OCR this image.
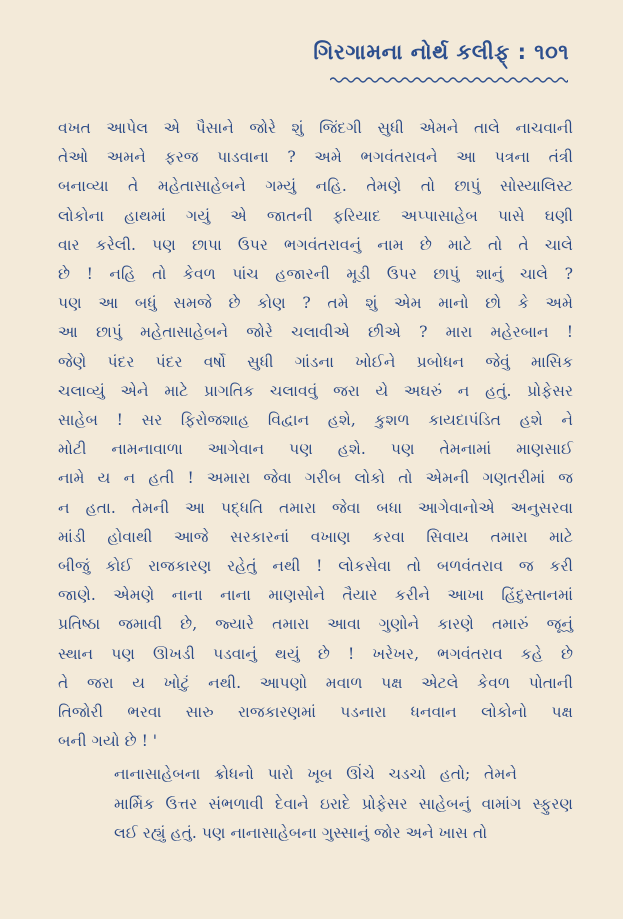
ગિરગામના નોર્થ કલીફ્ : ૧૦૧

વખત આપેલ એ પૈસાને જોરે શું જિંદગી સુધી એમને તાલે નાચવાની
તેઓ અમને ફરજ પાડવાના ? અમે ભગવંતરાવને આ પત્રના તંત્રી
બનાવ્યા તે મહેતાસાહેબને ગમ્યું નહિ. તેમણે તો છાપું સોસ્યાલિસ્ટ
લોકોના હાથમાં ગયું એ જાતની ફરિયાદ અપ્પાસાહેબ પાસે ઘણી
વાર કરેલી. પણ છાપા ઉપર ભગવંતરાવનું નામ છે માટે તો તે ચાલે
છે ! નહિ તો કેવળ પાંચ હજારની મૂડી ઉપર છાપું શાનું ચાલે ?
પણ આ બધું સમજે છે કોણ ? તમે શું એમ માનો છો કે અમે
આ છાપું મહેતાસાહેબને જોરે ચલાવીએ છીએ ? મારા મહેરબાન !
જેણે પંદર પંદર વર્ષો સુધી ગાંડના ખોઈને પ્રબોધન જેવું માસિક
ચલાવ્યું એને માટે પ્રાગતિક ચલાવવું જરા યે અઘરું ન હતું. પ્રોફેસર
સાહેબ ! સર ફિરોજશાહ વિદ્વાન હશે, કુશળ કાયદાપંડિત હશે ને
મોટી નામનાવાળા આગેવાન પણ હશે. પણ તેમનામાં માણસાઈ
નામે ય ન હતી ! અમારા જેવા ગરીબ લોકો તો એમની ગણતરીમાં જ
ન હતા. તેમની આ પદ્ધતિ તમારા જેવા બધા આગેવાનોએ અનુસરવા
માંડી હોવાથી આજે સરકારનાં વખાણ કરવા સિવાય તમારા માટે
બીજું કોઈ રાજકારણ રહેતું નથી ! લોકસેવા તો બળવંતરાવ જ કરી
જાણે. એમણે નાના નાના માણસોને તૈયાર કરીને આખા હિંદુસ્તાનમાં
પ્રતિષ્ઠા જમાવી છે, જ્યારે તમારા આવા ગુણોને કારણે તમારું જૂનું
સ્થાન પણ ઊખડી પડવાનું થયું છે ! ખરેખર, ભગવંતરાવ કહે છે
તે જરા ય ખોટું નથી. આપણો મવાળ પક્ષ એટલે કેવળ પોતાની
તિજોરી ભરવા સારુ રાજકારણમાં પડનારા ધનવાન લોકોનો પક્ષ
બની ગયો છે ! '

નાનાસાહેબના ક્રોધનો પારો ખૂબ ઊંચે ચડચો હતો; તેમને
માર્મિક ઉત્તર સંભળાવી દેવાને ઇરાદે પ્રોફેસર સાહેબનું વામાંગ સ્ફુરણ
લઈ રહ્યું હતું. પણ નાનાસાહેબના ગુસ્સાનું જોર અને ખાસ તો
